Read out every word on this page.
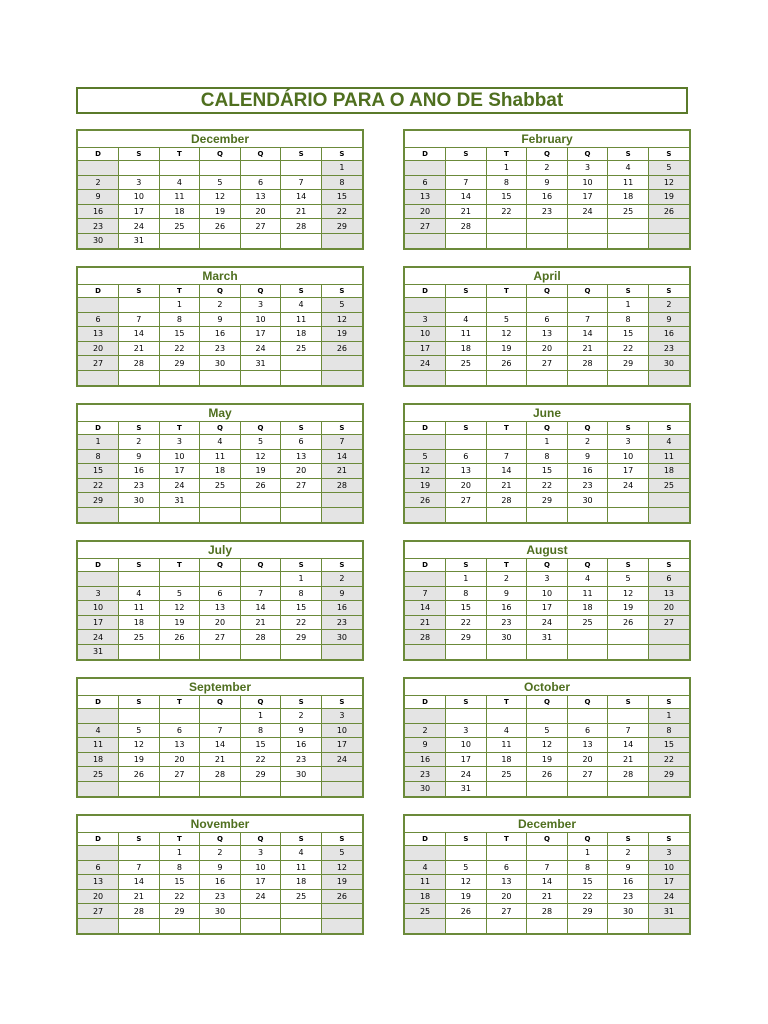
CALENDÁRIO PARA O ANO DE Shabbat
December
D	S	T	Q	Q	S	S
						1
2	3	4	5	6	7	8
9	10	11	12	13	14	15
16	17	18	19	20	21	22
23	24	25	26	27	28	29
30	31					
February
D	S	T	Q	Q	S	S
		1	2	3	4	5
6	7	8	9	10	11	12
13	14	15	16	17	18	19
20	21	22	23	24	25	26
27	28					

March
D	S	T	Q	Q	S	S
		1	2	3	4	5
6	7	8	9	10	11	12
13	14	15	16	17	18	19
20	21	22	23	24	25	26
27	28	29	30	31		

April
D	S	T	Q	Q	S	S
					1	2
3	4	5	6	7	8	9
10	11	12	13	14	15	16
17	18	19	20	21	22	23
24	25	26	27	28	29	30

May
D	S	T	Q	Q	S	S
1	2	3	4	5	6	7
8	9	10	11	12	13	14
15	16	17	18	19	20	21
22	23	24	25	26	27	28
29	30	31				

June
D	S	T	Q	Q	S	S
			1	2	3	4
5	6	7	8	9	10	11
12	13	14	15	16	17	18
19	20	21	22	23	24	25
26	27	28	29	30		

July
D	S	T	Q	Q	S	S
					1	2
3	4	5	6	7	8	9
10	11	12	13	14	15	16
17	18	19	20	21	22	23
24	25	26	27	28	29	30
31						
August
D	S	T	Q	Q	S	S
	1	2	3	4	5	6
7	8	9	10	11	12	13
14	15	16	17	18	19	20
21	22	23	24	25	26	27
28	29	30	31			

September
D	S	T	Q	Q	S	S
				1	2	3
4	5	6	7	8	9	10
11	12	13	14	15	16	17
18	19	20	21	22	23	24
25	26	27	28	29	30	

October
D	S	T	Q	Q	S	S
						1
2	3	4	5	6	7	8
9	10	11	12	13	14	15
16	17	18	19	20	21	22
23	24	25	26	27	28	29
30	31					
November
D	S	T	Q	Q	S	S
		1	2	3	4	5
6	7	8	9	10	11	12
13	14	15	16	17	18	19
20	21	22	23	24	25	26
27	28	29	30			

December
D	S	T	Q	Q	S	S
				1	2	3
4	5	6	7	8	9	10
11	12	13	14	15	16	17
18	19	20	21	22	23	24
25	26	27	28	29	30	31
